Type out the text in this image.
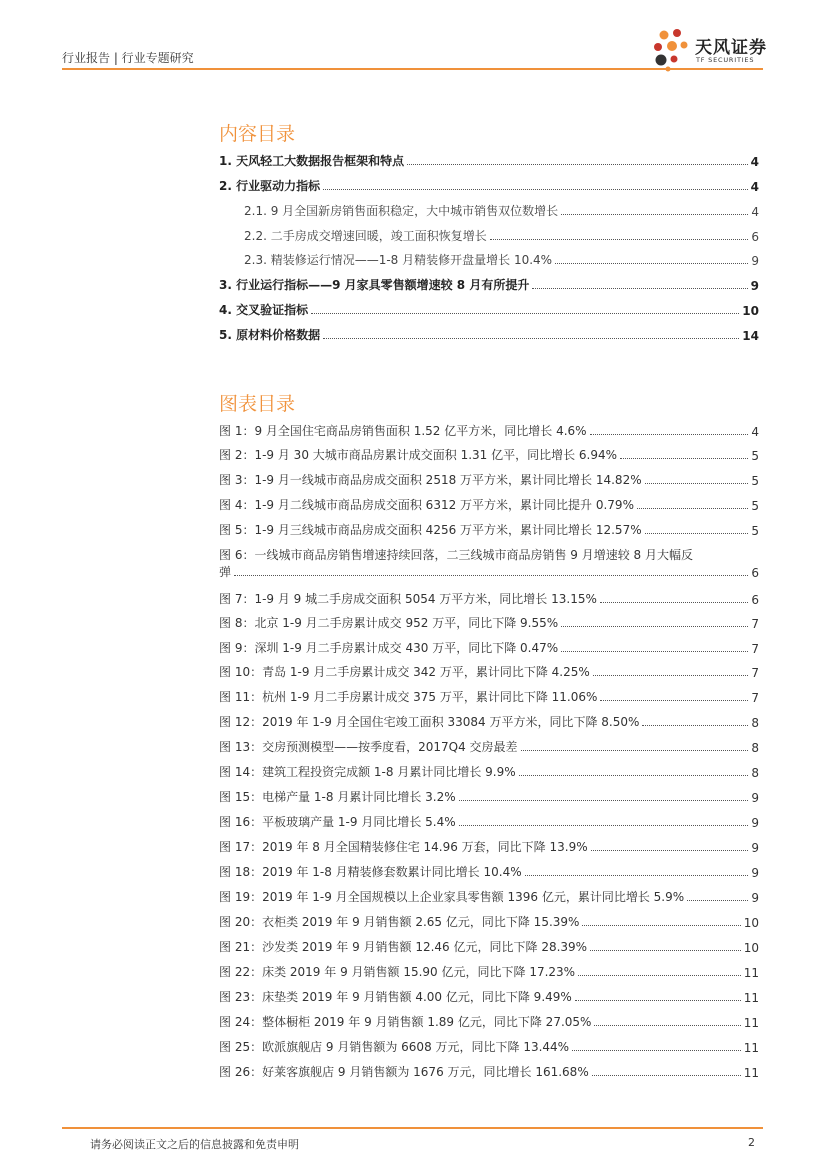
行业报告 | 行业专题研究	天风证券
TF SECURITIES
内容目录
1. 天风轻工大数据报告框架和特点	4
2. 行业驱动力指标	4
2.1. 9 月全国新房销售面积稳定，大中城市销售双位数增长	4
2.2. 二手房成交增速回暖，竣工面积恢复增长	6
2.3. 精装修运行情况——1-8 月精装修开盘量增长 10.4%	9
3. 行业运行指标——9 月家具零售额增速较 8 月有所提升	9
4. 交叉验证指标	10
5. 原材料价格数据	14
图表目录
图 1：9 月全国住宅商品房销售面积 1.52 亿平方米，同比增长 4.6%	4
图 2：1-9 月 30 大城市商品房累计成交面积 1.31 亿平，同比增长 6.94%	5
图 3：1-9 月一线城市商品房成交面积 2518 万平方米，累计同比增长 14.82%	5
图 4：1-9 月二线城市商品房成交面积 6312 万平方米，累计同比提升 0.79%	5
图 5：1-9 月三线城市商品房成交面积 4256 万平方米，累计同比增长 12.57%	5
图 6：一线城市商品房销售增速持续回落，二三线城市商品房销售 9 月增速较 8 月大幅反
弹	6
图 7：1-9 月 9 城二手房成交面积 5054 万平方米，同比增长 13.15%	6
图 8：北京 1-9 月二手房累计成交 952 万平，同比下降 9.55%	7
图 9：深圳 1-9 月二手房累计成交 430 万平，同比下降 0.47%	7
图 10：青岛 1-9 月二手房累计成交 342 万平，累计同比下降 4.25%	7
图 11：杭州 1-9 月二手房累计成交 375 万平，累计同比下降 11.06%	7
图 12：2019 年 1-9 月全国住宅竣工面积 33084 万平方米，同比下降 8.50%	8
图 13：交房预测模型——按季度看，2017Q4 交房最差	8
图 14：建筑工程投资完成额 1-8 月累计同比增长 9.9%	8
图 15：电梯产量 1-8 月累计同比增长 3.2%	9
图 16：平板玻璃产量 1-9 月同比增长 5.4%	9
图 17：2019 年 8 月全国精装修住宅 14.96 万套，同比下降 13.9%	9
图 18：2019 年 1-8 月精装修套数累计同比增长 10.4%	9
图 19：2019 年 1-9 月全国规模以上企业家具零售额 1396 亿元，累计同比增长 5.9%	9
图 20：衣柜类 2019 年 9 月销售额 2.65 亿元，同比下降 15.39%	10
图 21：沙发类 2019 年 9 月销售额 12.46 亿元，同比下降 28.39%	10
图 22：床类 2019 年 9 月销售额 15.90 亿元，同比下降 17.23%	11
图 23：床垫类 2019 年 9 月销售额 4.00 亿元，同比下降 9.49%	11
图 24：整体橱柜 2019 年 9 月销售额 1.89 亿元，同比下降 27.05%	11
图 25：欧派旗舰店 9 月销售额为 6608 万元，同比下降 13.44%	11
图 26：好莱客旗舰店 9 月销售额为 1676 万元，同比增长 161.68%	11
请务必阅读正文之后的信息披露和免责申明	2
